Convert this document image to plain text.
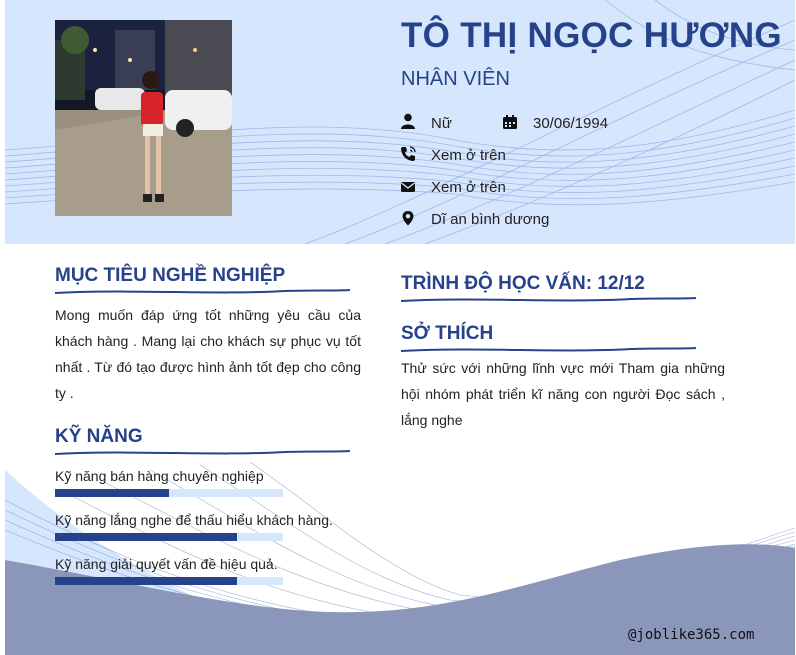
TÔ THỊ NGỌC HƯƠNG
NHÂN VIÊN
Nữ	30/06/1994
Xem ở trên
Xem ở trên
Dĩ an bình dương
MỤC TIÊU NGHỀ NGHIỆP
Mong muốn đáp ứng tốt những yêu cầu của khách hàng . Mang lại cho khách sự phục vụ tốt nhất . Từ đó tạo được hình ảnh tốt đẹp cho công ty .
KỸ NĂNG
Kỹ năng bán hàng chuyên nghiệp
Kỹ năng lắng nghe để thấu hiểu khách hàng.
Kỹ năng giải quyết vấn đề hiệu quả.
TRÌNH ĐỘ HỌC VẤN: 12/12
SỞ THÍCH
Thử sức với những lĩnh vực mới Tham gia những hội nhóm phát triển kĩ năng con người Đọc sách , lắng nghe
@joblike365.com
